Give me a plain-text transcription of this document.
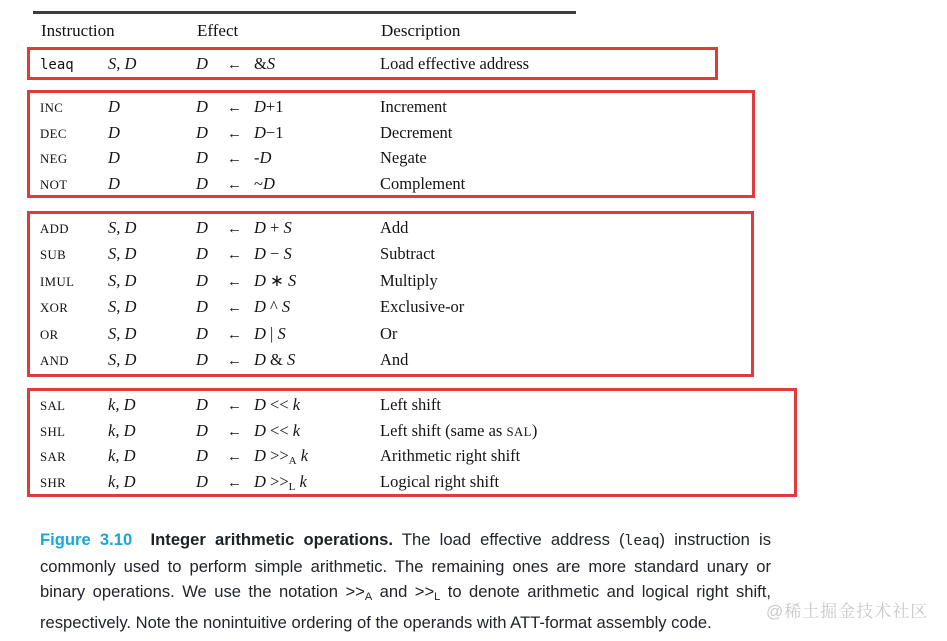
Instruction	Effect	Description
leaq	S, D	D	← &S	Load effective address
INC	D	D	← D+1	Increment
DEC	D	D	← D−1	Decrement
NEG	D	D	← -D	Negate
NOT	D	D	← ~D	Complement
ADD	S, D	D	← D + S	Add
SUB	S, D	D	← D − S	Subtract
IMUL	S, D	D	← D ∗ S	Multiply
XOR	S, D	D	← D ^ S	Exclusive-or
OR	S, D	D	← D | S	Or
AND	S, D	D	← D & S	And
SAL	k, D	D	← D << k	Left shift
SHL	k, D	D	← D << k	Left shift (same as SAL)
SAR	k, D	D	← D >>A k	Arithmetic right shift
SHR	k, D	D	← D >>L k	Logical right shift

Figure 3.10 Integer arithmetic operations. The load effective address (leaq) instruction is commonly used to perform simple arithmetic. The remaining ones are more standard unary or binary operations. We use the notation >>A and >>L to denote arithmetic and logical right shift, respectively. Note the nonintuitive ordering of the operands with ATT-format assembly code.

@稀土掘金技术社区
